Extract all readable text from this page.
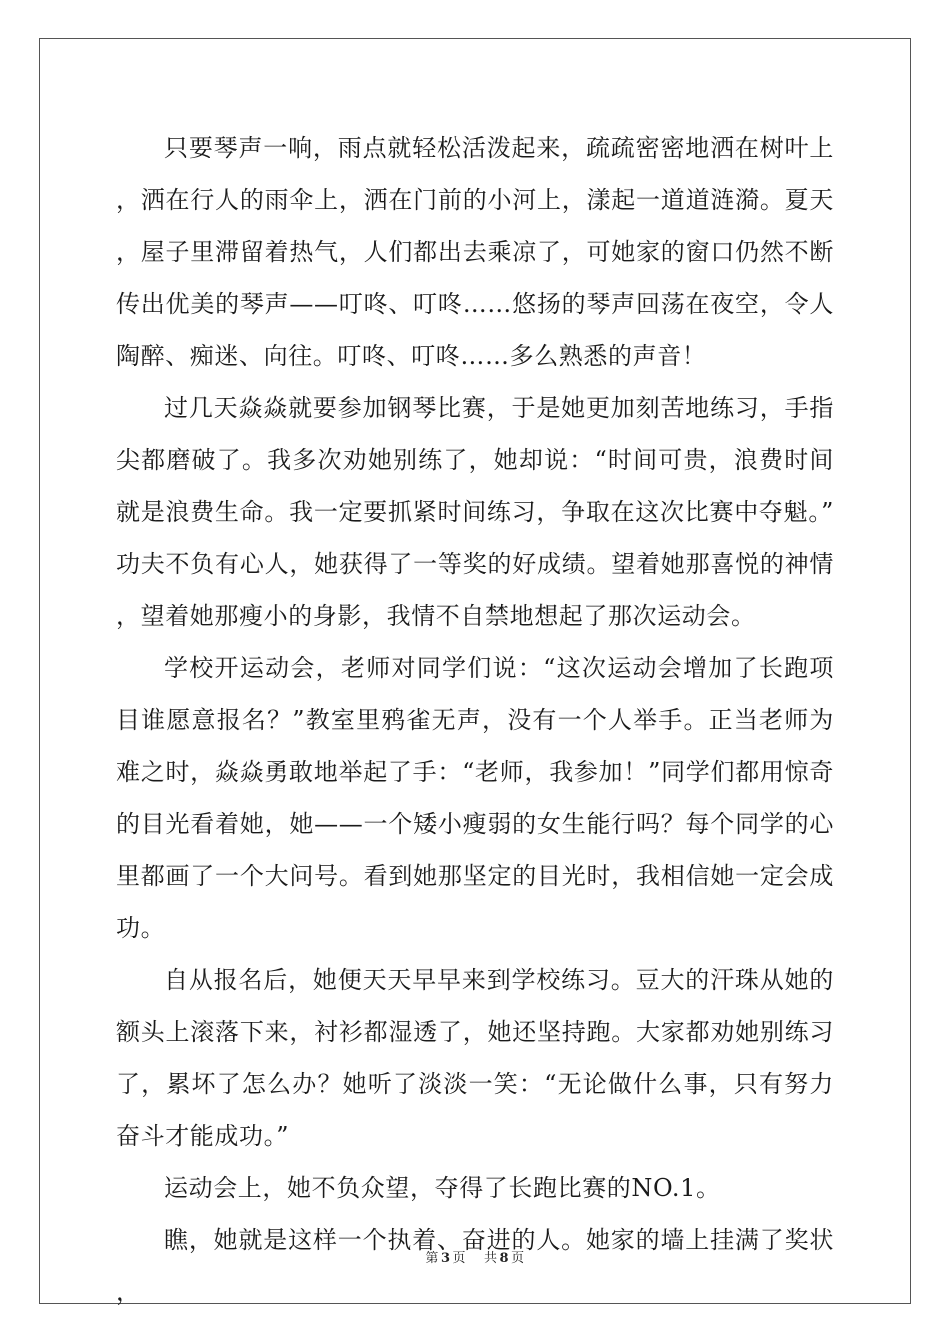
只要琴声一响，雨点就轻松活泼起来，疏疏密密地洒在树叶上，洒在行人的雨伞上，洒在门前的小河上，漾起一道道涟漪。夏天，屋子里滞留着热气，人们都出去乘凉了，可她家的窗口仍然不断传出优美的琴声——叮咚、叮咚……悠扬的琴声回荡在夜空，令人陶醉、痴迷、向往。叮咚、叮咚……多么熟悉的声音！

过几天焱焱就要参加钢琴比赛，于是她更加刻苦地练习，手指尖都磨破了。我多次劝她别练了，她却说：“时间可贵，浪费时间就是浪费生命。我一定要抓紧时间练习，争取在这次比赛中夺魁。”功夫不负有心人，她获得了一等奖的好成绩。望着她那喜悦的神情，望着她那瘦小的身影，我情不自禁地想起了那次运动会。

学校开运动会，老师对同学们说：“这次运动会增加了长跑项目谁愿意报名？”教室里鸦雀无声，没有一个人举手。正当老师为难之时，焱焱勇敢地举起了手：“老师，我参加！”同学们都用惊奇的目光看着她，她——一个矮小瘦弱的女生能行吗？每个同学的心里都画了一个大问号。看到她那坚定的目光时，我相信她一定会成功。

自从报名后，她便天天早早来到学校练习。豆大的汗珠从她的额头上滚落下来，衬衫都湿透了，她还坚持跑。大家都劝她别练习了，累坏了怎么办？她听了淡淡一笑：“无论做什么事，只有努力奋斗才能成功。”

运动会上，她不负众望，夺得了长跑比赛的NO.1。

瞧，她就是这样一个执着、奋进的人。她家的墙上挂满了奖状，

第 3 页 共 8 页
